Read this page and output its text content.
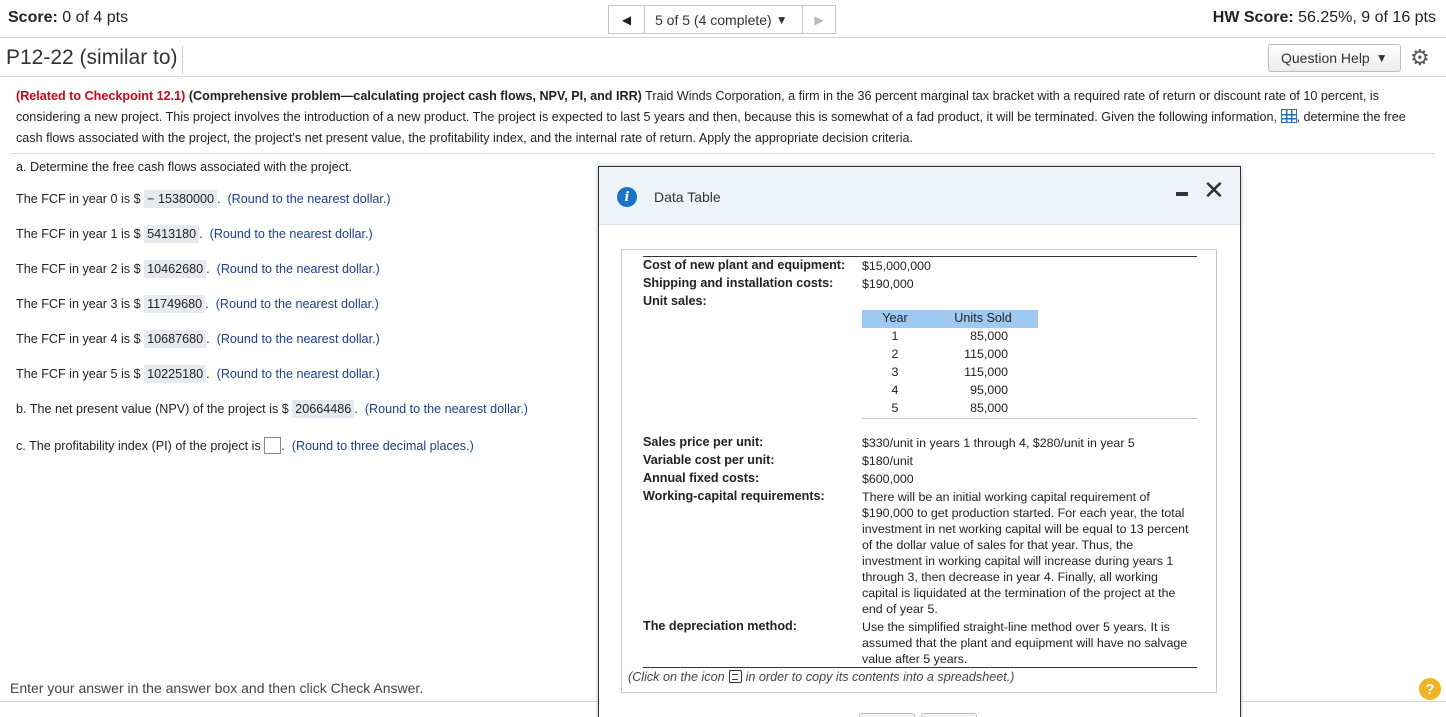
Score: 0 of 4 pts	◀ 5 of 5 (4 complete) ▼ ▶	HW Score: 56.25%, 9 of 16 pts
P12-22 (similar to)	Question Help ▼ ⚙
(Related to Checkpoint 12.1) (Comprehensive problem—calculating project cash flows, NPV, PI, and IRR) Traid Winds Corporation, a firm in the 36 percent marginal tax bracket with a required rate of return or discount rate of 10 percent, is considering a new project. This project involves the introduction of a new product. The project is expected to last 5 years and then, because this is somewhat of a fad product, it will be terminated. Given the following information, , determine the free cash flows associated with the project, the project's net present value, the profitability index, and the internal rate of return. Apply the appropriate decision criteria.
a. Determine the free cash flows associated with the project.
The FCF in year 0 is $ − 15380000 .  (Round to the nearest dollar.)
The FCF in year 1 is $ 5413180 .  (Round to the nearest dollar.)
The FCF in year 2 is $ 10462680 .  (Round to the nearest dollar.)
The FCF in year 3 is $ 11749680 .  (Round to the nearest dollar.)
The FCF in year 4 is $ 10687680 .  (Round to the nearest dollar.)
The FCF in year 5 is $ 10225180 .  (Round to the nearest dollar.)
b. The net present value (NPV) of the project is $ 20664486 .  (Round to the nearest dollar.)
c. The profitability index (PI) of the project is .  (Round to three decimal places.)
Enter your answer in the answer box and then click Check Answer.	?
i	Data Table	✕
Cost of new plant and equipment: $15,000,000
Shipping and installation costs: $190,000
Unit sales:
Year	Units Sold
1	85,000
2	115,000
3	115,000
4	95,000
5	85,000
Sales price per unit:	$330/unit in years 1 through 4, $280/unit in year 5
Variable cost per unit:	$180/unit
Annual fixed costs:	$600,000
Working-capital requirements:	There will be an initial working capital requirement of $190,000 to get production started. For each year, the total investment in net working capital will be equal to 13 percent of the dollar value of sales for that year. Thus, the investment in working capital will increase during years 1 through 3, then decrease in year 4. Finally, all working capital is liquidated at the termination of the project at the end of year 5.
The depreciation method:	Use the simplified straight-line method over 5 years. It is assumed that the plant and equipment will have no salvage value after 5 years.
(Click on the icon in order to copy its contents into a spreadsheet.)
